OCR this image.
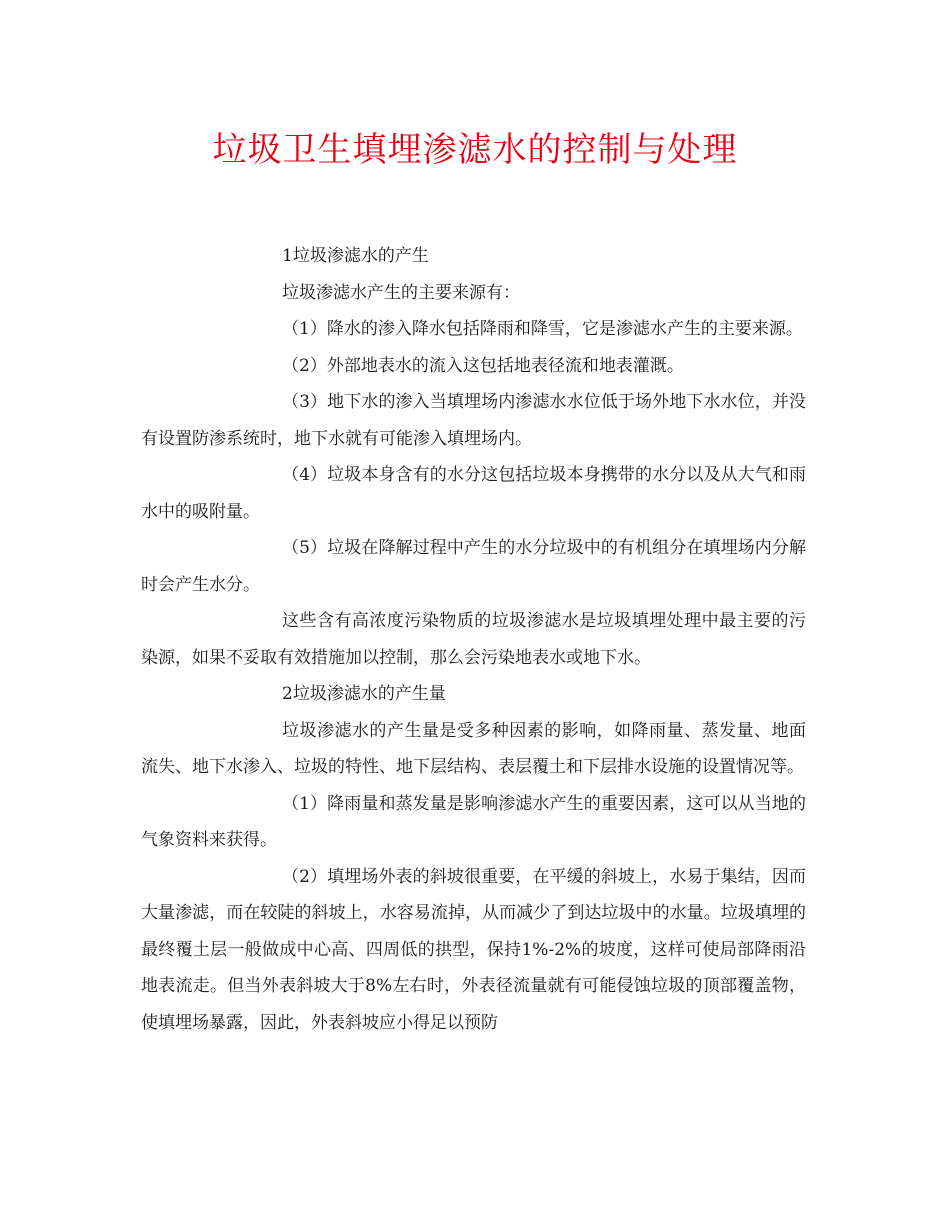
垃圾卫生填埋渗滤水的控制与处理

1垃圾渗滤水的产生

垃圾渗滤水产生的主要来源有：

（1）降水的渗入降水包括降雨和降雪，它是渗滤水产生的主要来源。

（2）外部地表水的流入这包括地表径流和地表灌溉。

（3）地下水的渗入当填埋场内渗滤水水位低于场外地下水水位，并没有设置防渗系统时，地下水就有可能渗入填埋场内。

（4）垃圾本身含有的水分这包括垃圾本身携带的水分以及从大气和雨水中的吸附量。

（5）垃圾在降解过程中产生的水分垃圾中的有机组分在填埋场内分解时会产生水分。

这些含有高浓度污染物质的垃圾渗滤水是垃圾填埋处理中最主要的污染源，如果不妥取有效措施加以控制，那么会污染地表水或地下水。

2垃圾渗滤水的产生量

垃圾渗滤水的产生量是受多种因素的影响，如降雨量、蒸发量、地面流失、地下水渗入、垃圾的特性、地下层结构、表层覆土和下层排水设施的设置情况等。

（1）降雨量和蒸发量是影响渗滤水产生的重要因素，这可以从当地的气象资料来获得。

（2）填埋场外表的斜坡很重要，在平缓的斜坡上，水易于集结，因而大量渗滤，而在较陡的斜坡上，水容易流掉，从而减少了到达垃圾中的水量。垃圾填埋的最终覆土层一般做成中心高、四周低的拱型，保持1%-2%的坡度，这样可使局部降雨沿地表流走。但当外表斜坡大于8%左右时，外表径流量就有可能侵蚀垃圾的顶部覆盖物，使填埋场暴露，因此，外表斜坡应小得足以预防
